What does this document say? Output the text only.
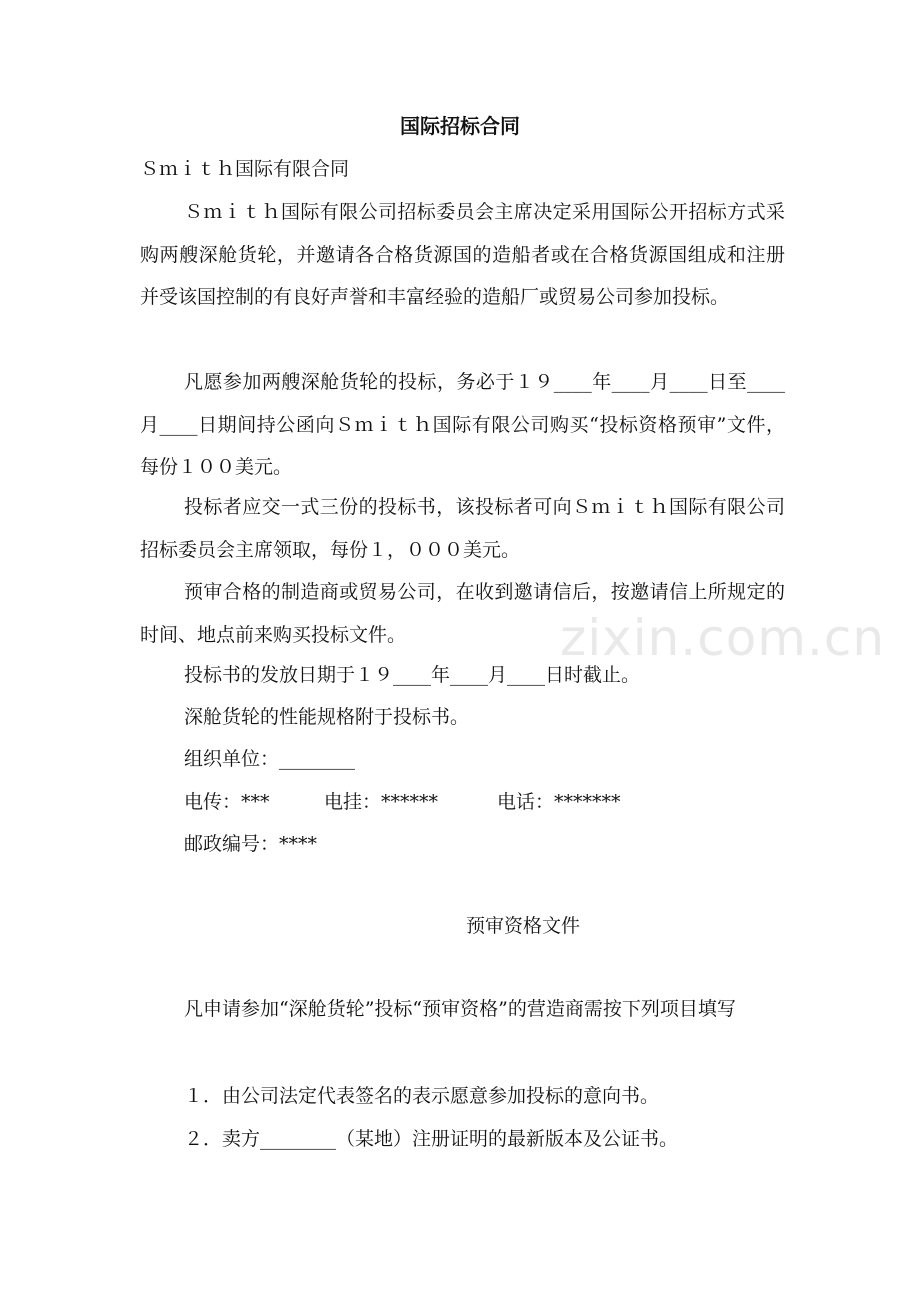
国际招标合同
Ｓｍｉｔｈ国际有限合同
Ｓｍｉｔｈ国际有限公司招标委员会主席决定采用国际公开招标方式采购两艘深舱货轮，并邀请各合格货源国的造船者或在合格货源国组成和注册并受该国控制的有良好声誉和丰富经验的造船厂或贸易公司参加投标。
凡愿参加两艘深舱货轮的投标，务必于１９____年____月____日至____月____日期间持公函向Ｓｍｉｔｈ国际有限公司购买“投标资格预审”文件，每份１００美元。
投标者应交一式三份的投标书，该投标者可向Ｓｍｉｔｈ国际有限公司招标委员会主席领取，每份１，０００美元。
预审合格的制造商或贸易公司，在收到邀请信后，按邀请信上所规定的时间、地点前来购买投标文件。
投标书的发放日期于１９____年____月____日时截止。
深舱货轮的性能规格附于投标书。
组织单位：________
电传：***	电挂：******	电话：*******
邮政编号：****
预审资格文件
凡申请参加“深舱货轮”投标“预审资格”的营造商需按下列项目填写
１．由公司法定代表签名的表示愿意参加投标的意向书。
２．卖方________（某地）注册证明的最新版本及公证书。
zixin.com.cn
